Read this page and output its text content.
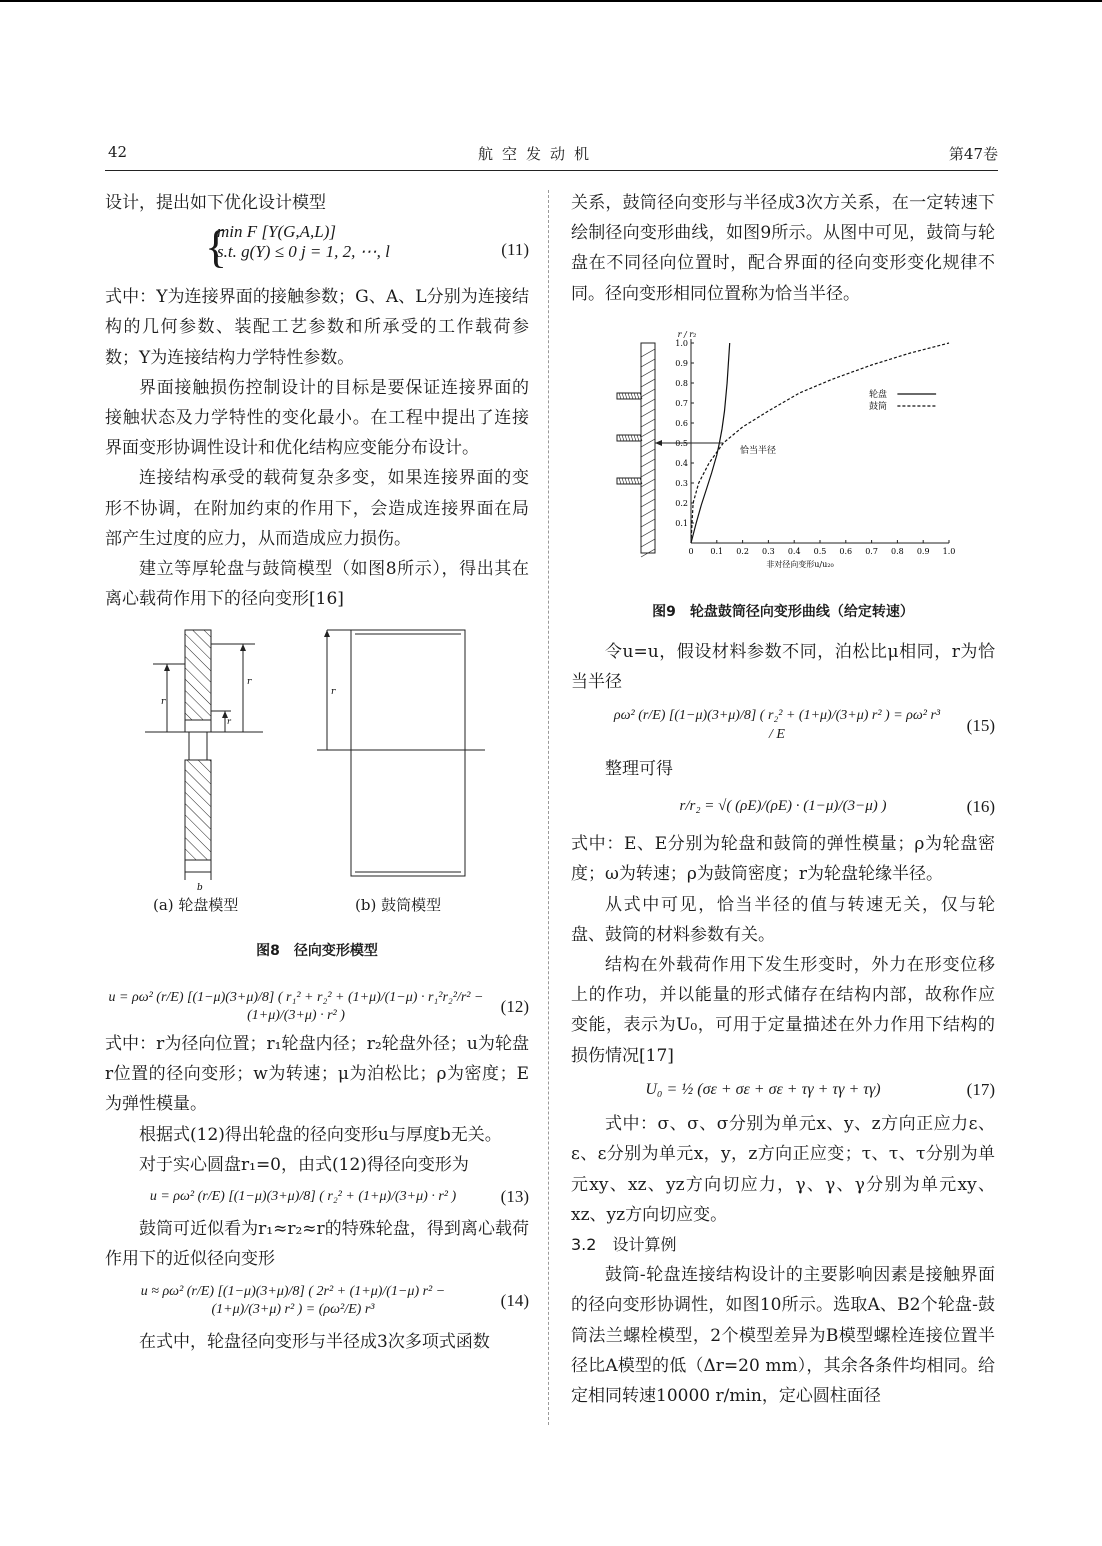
42	航空发动机	第47卷

设计，提出如下优化设计模型

{
min F [Y(G,A,L)]
s.t. g(Y) ≤ 0 j = 1, 2, ⋯, l	(11)

式中：Y为连接界面的接触参数；G、A、L分别为连接结构的几何参数、装配工艺参数和所承受的工作载荷参数；Y为连接结构力学特性参数。

界面接触损伤控制设计的目标是要保证连接界面的接触状态及力学特性的变化最小。在工程中提出了连接界面变形协调性设计和优化结构应变能分布设计。

连接结构承受的载荷复杂多变，如果连接界面的变形不协调，在附加约束的作用下，会造成连接界面在局部产生过度的应力，从而造成应力损伤。

建立等厚轮盘与鼓筒模型（如图8所示），得出其在离心载荷作用下的径向变形[16]

r
r
r
b
r
(a) 轮盘模型	(b) 鼓筒模型
图8　径向变形模型
u = ρω² (r/E) [(1−μ)(3+μ)/8] ( r₁² + r₂² + (1+μ)/(1−μ) · r₁²r₂²/r² − (1+μ)/(3+μ) · r² )	(12)

式中：r为径向位置；r₁轮盘内径；r₂轮盘外径；u为轮盘r位置的径向变形；w为转速；μ为泊松比；ρ为密度；E为弹性模量。

根据式(12)得出轮盘的径向变形u与厚度b无关。

对于实心圆盘r₁=0，由式(12)得径向变形为

u = ρω² (r/E) [(1−μ)(3+μ)/8] ( r₂² + (1+μ)/(3+μ) · r² )	(13)

鼓筒可近似看为r₁≈r₂≈r的特殊轮盘，得到离心载荷作用下的近似径向变形

u ≈ ρω² (r/E) [(1−μ)(3+μ)/8] ( 2r² + (1+μ)/(1−μ) r² − (1+μ)/(3+μ) r² ) = (ρω²/E) r³	(14)

在式中，轮盘径向变形与半径成3次多项式函数

关系，鼓筒径向变形与半径成3次方关系，在一定转速下绘制径向变形曲线，如图9所示。从图中可见，鼓筒与轮盘在不同径向位置时，配合界面的径向变形变化规律不同。径向变形相同位置称为恰当半径。

0 0.1 0.2 0.3 0.4 0.5 0.6 0.7 0.8 0.9 1.0
0.1
0.2
0.3
0.4
0.5
0.6
0.7
0.8
0.9
1.0
r / r₂
非对径向变形u/u₂₀
恰当半径
轮盘
鼓筒
图9　轮盘鼓筒径向变形曲线（给定转速）

令u=u，假设材料参数不同，泊松比μ相同，r为恰当半径

ρω² (r/E) [(1−μ)(3+μ)/8] ( r₂² + (1+μ)/(3+μ) r² ) = ρω² r³ / E	(15)

整理可得

r/r₂ = √( (ρE)/(ρE) · (1−μ)/(3−μ) )	(16)

式中：E、E分别为轮盘和鼓筒的弹性模量；ρ为轮盘密度；ω为转速；ρ为鼓筒密度；r为轮盘轮缘半径。

从式中可见，恰当半径的值与转速无关，仅与轮盘、鼓筒的材料参数有关。

结构在外载荷作用下发生形变时，外力在形变位移上的作功，并以能量的形式储存在结构内部，故称作应变能，表示为U₀，可用于定量描述在外力作用下结构的损伤情况[17]

U₀ = ½ (σε + σε + σε + τγ + τγ + τγ)	(17)

式中：σ、σ、σ分别为单元x、y、z方向正应力ε、ε、ε分别为单元x，y，z方向正应变；τ、τ、τ分别为单元xy、xz、yz方向切应力，γ、γ、γ分别为单元xy、xz、yz方向切应变。

3.2　设计算例

鼓筒-轮盘连接结构设计的主要影响因素是接触界面的径向变形协调性，如图10所示。选取A、B2个轮盘-鼓筒法兰螺栓模型，2个模型差异为B模型螺栓连接位置半径比A模型的低（Δr=20 mm），其余各条件均相同。给定相同转速10000 r/min，定心圆柱面径
